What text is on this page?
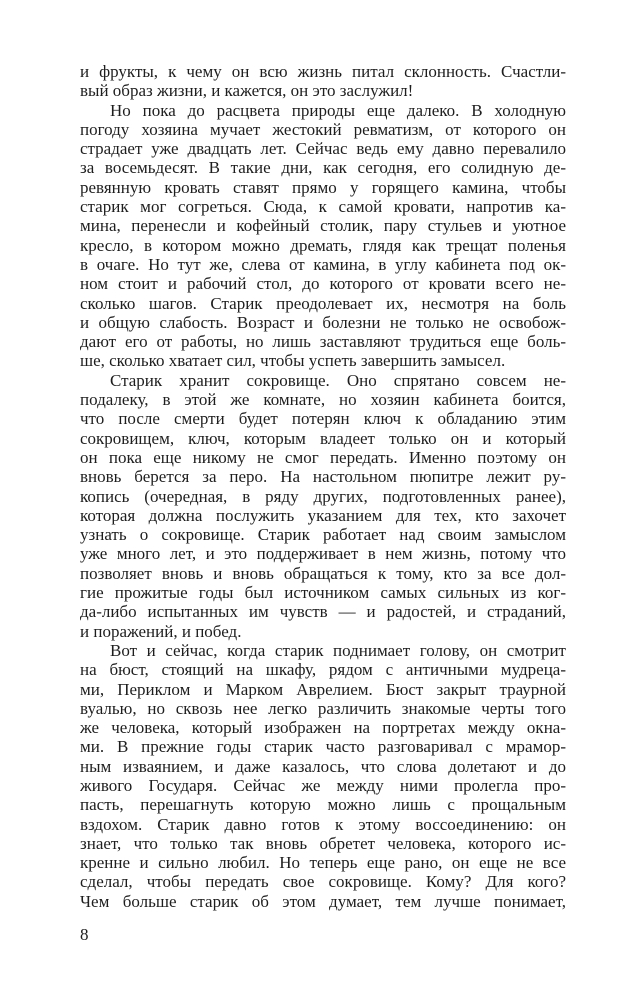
и фрукты, к чему он всю жизнь питал склонность. Счастли-
вый образ жизни, и кажется, он это заслужил!
Но пока до расцвета природы еще далеко. В холодную
погоду хозяина мучает жестокий ревматизм, от которого он
страдает уже двадцать лет. Сейчас ведь ему давно перевалило
за восемьдесят. В такие дни, как сегодня, его солидную де-
ревянную кровать ставят прямо у горящего камина, чтобы
старик мог согреться. Сюда, к самой кровати, напротив ка-
мина, перенесли и кофейный столик, пару стульев и уютное
кресло, в котором можно дремать, глядя как трещат поленья
в очаге. Но тут же, слева от камина, в углу кабинета под ок-
ном стоит и рабочий стол, до которого от кровати всего не-
сколько шагов. Старик преодолевает их, несмотря на боль
и общую слабость. Возраст и болезни не только не освобож-
дают его от работы, но лишь заставляют трудиться еще боль-
ше, сколько хватает сил, чтобы успеть завершить замысел.
Старик хранит сокровище. Оно спрятано совсем не-
подалеку, в этой же комнате, но хозяин кабинета боится,
что после смерти будет потерян ключ к обладанию этим
сокровищем, ключ, которым владеет только он и который
он пока еще никому не смог передать. Именно поэтому он
вновь берется за перо. На настольном пюпитре лежит ру-
копись (очередная, в ряду других, подготовленных ранее),
которая должна послужить указанием для тех, кто захочет
узнать о сокровище. Старик работает над своим замыслом
уже много лет, и это поддерживает в нем жизнь, потому что
позволяет вновь и вновь обращаться к тому, кто за все дол-
гие прожитые годы был источником самых сильных из ког-
да-либо испытанных им чувств — и радостей, и страданий,
и поражений, и побед.
Вот и сейчас, когда старик поднимает голову, он смотрит
на бюст, стоящий на шкафу, рядом с античными мудреца-
ми, Периклом и Марком Аврелием. Бюст закрыт траурной
вуалью, но сквозь нее легко различить знакомые черты того
же человека, который изображен на портретах между окна-
ми. В прежние годы старик часто разговаривал с мрамор-
ным изваянием, и даже казалось, что слова долетают и до
живого Государя. Сейчас же между ними пролегла про-
пасть, перешагнуть которую можно лишь с прощальным
вздохом. Старик давно готов к этому воссоединению: он
знает, что только так вновь обретет человека, которого ис-
кренне и сильно любил. Но теперь еще рано, он еще не все
сделал, чтобы передать свое сокровище. Кому? Для кого?
Чем больше старик об этом думает, тем лучше понимает,
8
